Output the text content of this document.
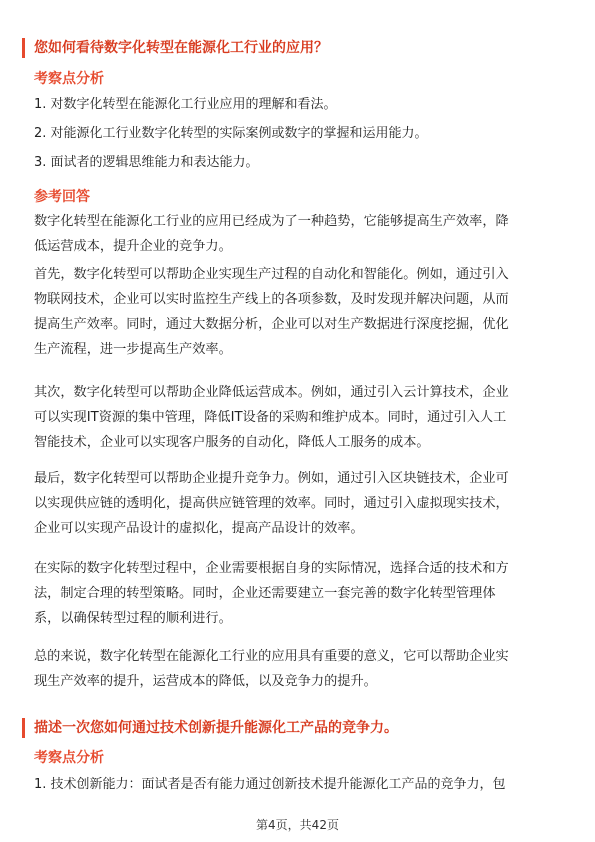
您如何看待数字化转型在能源化工行业的应用？
考察点分析
1. 对数字化转型在能源化工行业应用的理解和看法。
2. 对能源化工行业数字化转型的实际案例或数字的掌握和运用能力。
3. 面试者的逻辑思维能力和表达能力。
参考回答
数字化转型在能源化工行业的应用已经成为了一种趋势，它能够提高生产效率，降
低运营成本，提升企业的竞争力。
首先，数字化转型可以帮助企业实现生产过程的自动化和智能化。例如，通过引入
物联网技术，企业可以实时监控生产线上的各项参数，及时发现并解决问题，从而
提高生产效率。同时，通过大数据分析，企业可以对生产数据进行深度挖掘，优化
生产流程，进一步提高生产效率。
其次，数字化转型可以帮助企业降低运营成本。例如，通过引入云计算技术，企业
可以实现IT资源的集中管理，降低IT设备的采购和维护成本。同时，通过引入人工
智能技术，企业可以实现客户服务的自动化，降低人工服务的成本。
最后，数字化转型可以帮助企业提升竞争力。例如，通过引入区块链技术，企业可
以实现供应链的透明化，提高供应链管理的效率。同时，通过引入虚拟现实技术，
企业可以实现产品设计的虚拟化，提高产品设计的效率。
在实际的数字化转型过程中，企业需要根据自身的实际情况，选择合适的技术和方
法，制定合理的转型策略。同时，企业还需要建立一套完善的数字化转型管理体
系，以确保转型过程的顺利进行。
总的来说，数字化转型在能源化工行业的应用具有重要的意义，它可以帮助企业实
现生产效率的提升，运营成本的降低，以及竞争力的提升。
描述一次您如何通过技术创新提升能源化工产品的竞争力。
考察点分析
1. 技术创新能力：面试者是否有能力通过创新技术提升能源化工产品的竞争力，包
第4页，共42页
